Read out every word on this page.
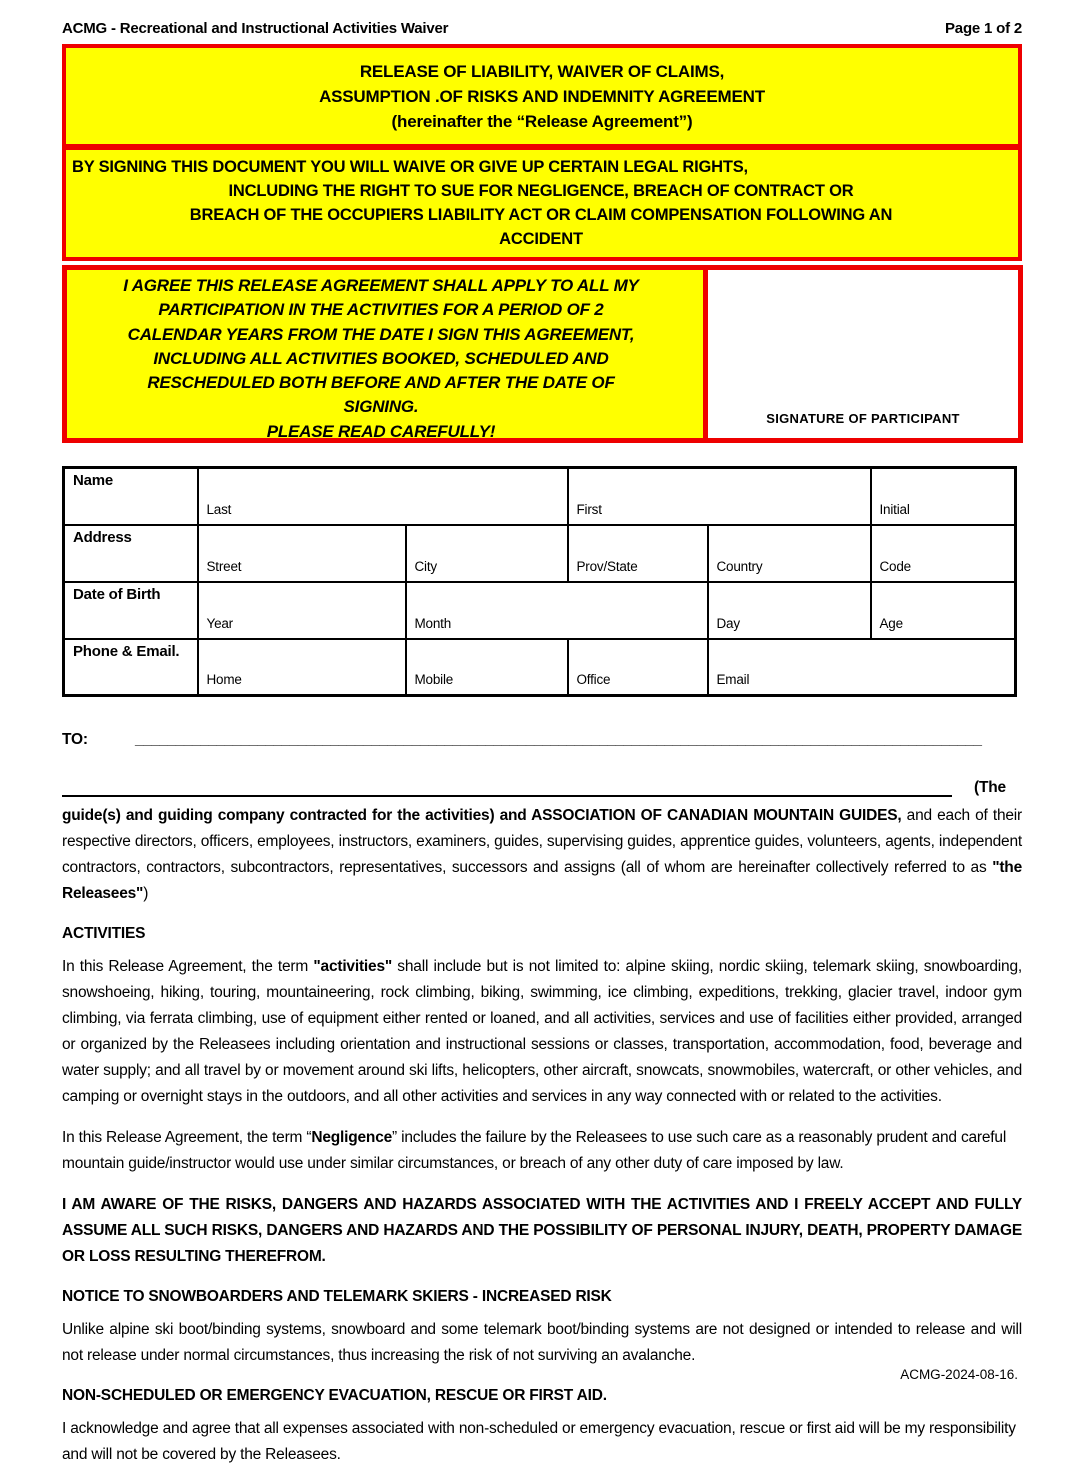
ACMG - Recreational and Instructional Activities Waiver	Page 1 of 2
RELEASE OF LIABILITY, WAIVER OF CLAIMS,
ASSUMPTION .OF RISKS AND INDEMNITY AGREEMENT
(hereinafter the “Release Agreement”)
BY SIGNING THIS DOCUMENT YOU WILL WAIVE OR GIVE UP CERTAIN LEGAL RIGHTS,
INCLUDING THE RIGHT TO SUE FOR NEGLIGENCE, BREACH OF CONTRACT OR
BREACH OF THE OCCUPIERS LIABILITY ACT OR CLAIM COMPENSATION FOLLOWING AN
ACCIDENT
I AGREE THIS RELEASE AGREEMENT SHALL APPLY TO ALL MY
PARTICIPATION IN THE ACTIVITIES FOR A PERIOD OF 2
CALENDAR YEARS FROM THE DATE I SIGN THIS AGREEMENT,
INCLUDING ALL ACTIVITIES BOOKED, SCHEDULED AND
RESCHEDULED BOTH BEFORE AND AFTER THE DATE OF
SIGNING.
PLEASE READ CAREFULLY!
SIGNATURE OF PARTICIPANT
Name	Last		First		Initial

Address	Street	City	Prov/State	Country	Code

Date of Birth	Year	Month		Day	Age

Phone & Email.	Home	Mobile	Office	Email	
TO:	________________________________________________________________________________________________________
(The

guide(s) and guiding company contracted for the activities) and ASSOCIATION OF CANADIAN MOUNTAIN GUIDES, and each of their respective directors, officers, employees, instructors, examiners, guides, supervising guides, apprentice guides, volunteers, agents, independent contractors, contractors, subcontractors, representatives, successors and assigns (all of whom are hereinafter collectively referred to as "the Releasees")

ACTIVITIES

In this Release Agreement, the term "activities" shall include but is not limited to: alpine skiing, nordic skiing, telemark skiing, snowboarding, snowshoeing, hiking, touring, mountaineering, rock climbing, biking, swimming, ice climbing, expeditions, trekking, glacier travel, indoor gym climbing, via ferrata climbing, use of equipment either rented or loaned, and all activities, services and use of facilities either provided, arranged or organized by the Releasees including orientation and instructional sessions or classes, transportation, accommodation, food, beverage and water supply; and all travel by or movement around ski lifts, helicopters, other aircraft, snowcats, snowmobiles, watercraft, or other vehicles, and camping or overnight stays in the outdoors, and all other activities and services in any way connected with or related to the activities.

In this Release Agreement, the term “Negligence” includes the failure by the Releasees to use such care as a reasonably prudent and careful mountain guide/instructor would use under similar circumstances, or breach of any other duty of care imposed by law.

I AM AWARE OF THE RISKS, DANGERS AND HAZARDS ASSOCIATED WITH THE ACTIVITIES AND I FREELY ACCEPT AND FULLY ASSUME ALL SUCH RISKS, DANGERS AND HAZARDS AND THE POSSIBILITY OF PERSONAL INJURY, DEATH, PROPERTY DAMAGE OR LOSS RESULTING THEREFROM.

NOTICE TO SNOWBOARDERS AND TELEMARK SKIERS - INCREASED RISK

Unlike alpine ski boot/binding systems, snowboard and some telemark boot/binding systems are not designed or intended to release and will not release under normal circumstances, thus increasing the risk of not surviving an avalanche.

NON-SCHEDULED OR EMERGENCY EVACUATION, RESCUE OR FIRST AID.

I acknowledge and agree that all expenses associated with non-scheduled or emergency evacuation, rescue or first aid will be my responsibility and will not be covered by the Releasees.

ACMG-2024-08-16.
